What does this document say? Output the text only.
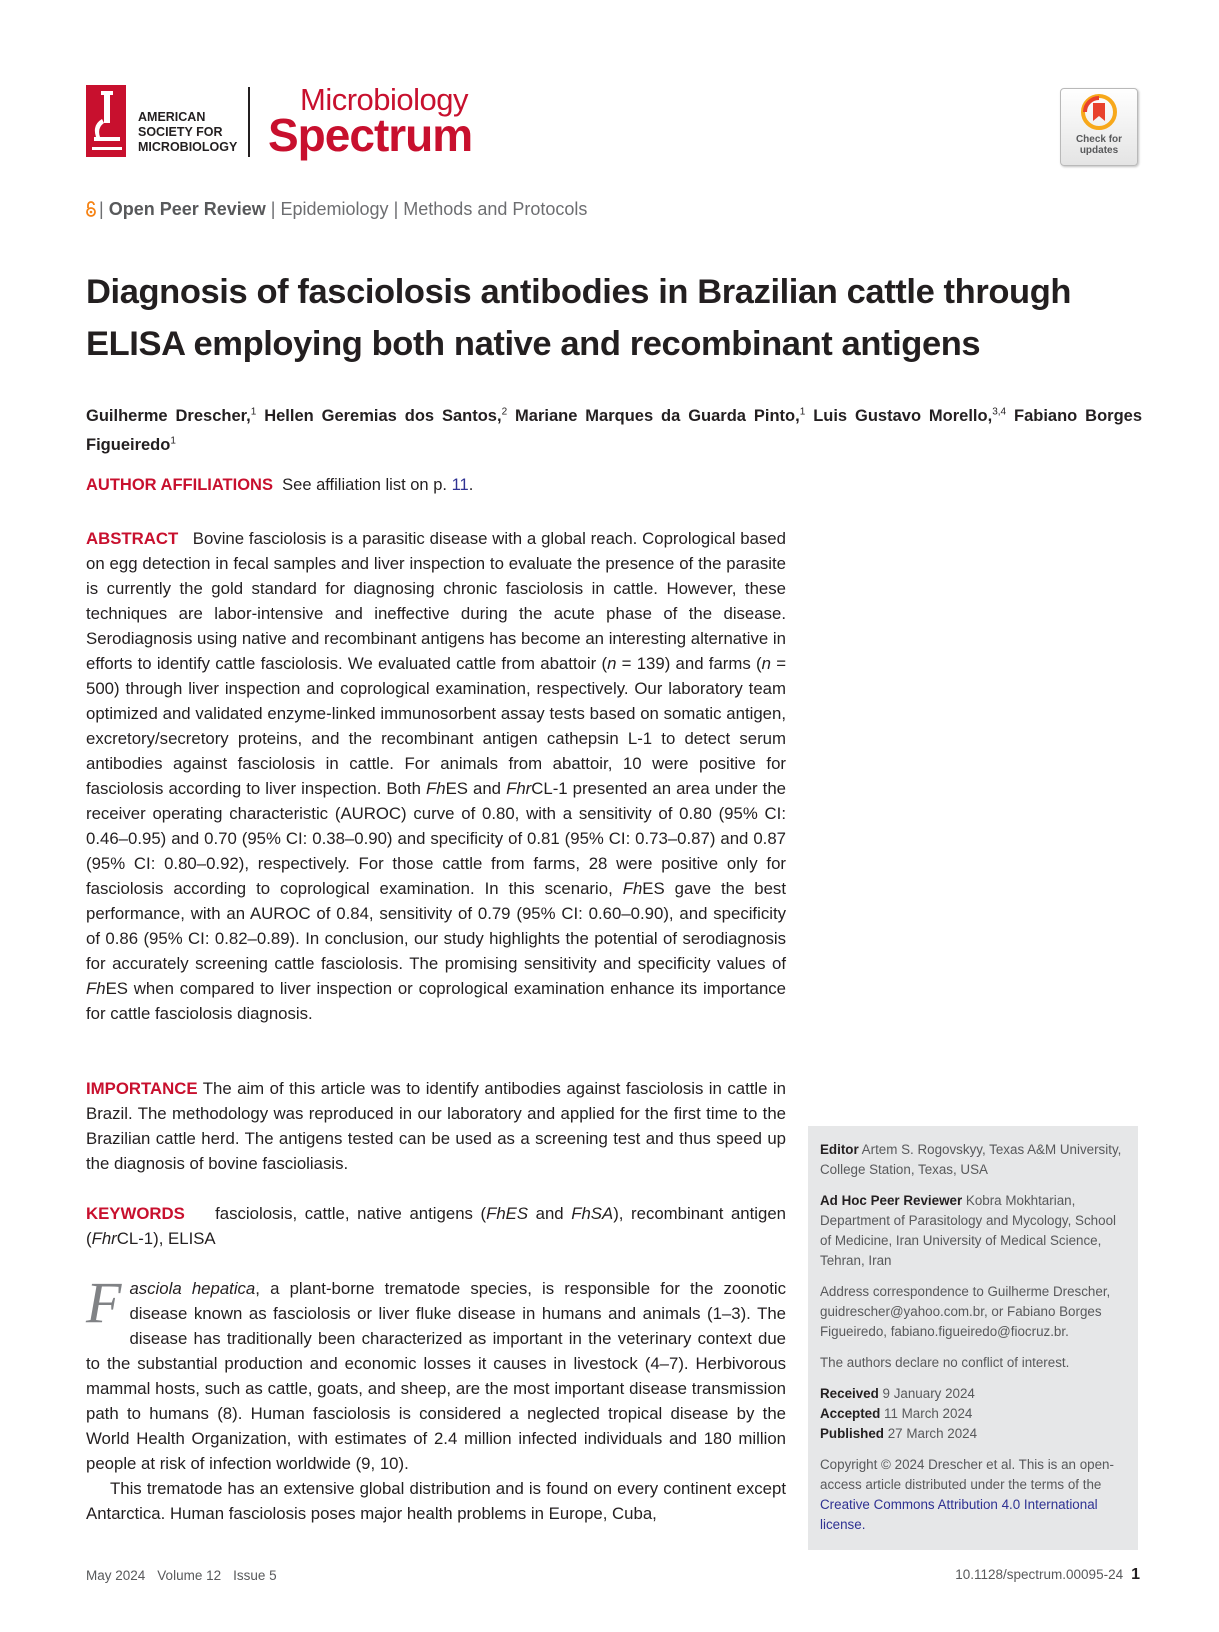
AMERICAN
SOCIETY FOR
MICROBIOLOGY
Microbiology
Spectrum	Check for
updates
| Open Peer Review | Epidemiology | Methods and Protocols
Diagnosis of fasciolosis antibodies in Brazilian cattle through
ELISA employing both native and recombinant antigens
Guilherme Drescher,$^1$ Hellen Geremias dos Santos,$^2$ Mariane Marques da Guarda Pinto,$^1$ Luis Gustavo Morello,$^{3,4}$ Fabiano Borges Figueiredo$^1$
AUTHOR AFFILIATIONS See affiliation list on p. 11.
ABSTRACT Bovine fasciolosis is a parasitic disease with a global reach. Coprological based on egg detection in fecal samples and liver inspection to evaluate the presence of the parasite is currently the gold standard for diagnosing chronic fasciolosis in cattle. However, these techniques are labor-intensive and ineffective during the acute phase of the disease. Serodiagnosis using native and recombinant antigens has become an interesting alternative in efforts to identify cattle fasciolosis. We evaluated cattle from abattoir (n = 139) and farms (n = 500) through liver inspection and coprological examination, respectively. Our laboratory team optimized and validated enzyme-linked immunosorbent assay tests based on somatic antigen, excretory/secretory proteins, and the recombinant antigen cathepsin L-1 to detect serum antibodies against fasciolosis in cattle. For animals from abattoir, 10 were positive for fasciolosis according to liver inspection. Both FhES and FhrCL-1 presented an area under the receiver operating characteristic (AUROC) curve of 0.80, with a sensitivity of 0.80 (95% CI: 0.46–0.95) and 0.70 (95% CI: 0.38–0.90) and specificity of 0.81 (95% CI: 0.73–0.87) and 0.87 (95% CI: 0.80–0.92), respectively. For those cattle from farms, 28 were positive only for fasciolosis according to coprological examination. In this scenario, FhES gave the best performance, with an AUROC of 0.84, sensitivity of 0.79 (95% CI: 0.60–0.90), and specificity of 0.86 (95% CI: 0.82–0.89). In conclusion, our study highlights the potential of serodiagnosis for accurately screening cattle fasciolosis. The promising sensitivity and specificity values of FhES when compared to liver inspection or coprological examination enhance its importance for cattle fasciolosis diagnosis.
IMPORTANCE The aim of this article was to identify antibodies against fasciolosis in cattle in Brazil. The methodology was reproduced in our laboratory and applied for the first time to the Brazilian cattle herd. The antigens tested can be used as a screening test and thus speed up the diagnosis of bovine fascioliasis.
KEYWORDS fasciolosis, cattle, native antigens (FhES and FhSA), recombinant antigen (FhrCL-1), ELISA

Fasciola hepatica, a plant-borne trematode species, is responsible for the zoonotic disease known as fasciolosis or liver fluke disease in humans and animals (1–3). The disease has traditionally been characterized as important in the veterinary context due to the substantial production and economic losses it causes in livestock (4–7). Herbivorous mammal hosts, such as cattle, goats, and sheep, are the most important disease transmission path to humans (8). Human fasciolosis is considered a neglected tropical disease by the World Health Organization, with estimates of 2.4 million infected individuals and 180 million people at risk of infection worldwide (9, 10).

This trematode has an extensive global distribution and is found on every continent except Antarctica. Human fasciolosis poses major health problems in Europe, Cuba,

Editor Artem S. Rogovskyy, Texas A&M University, College Station, Texas, USA

Ad Hoc Peer Reviewer Kobra Mokhtarian, Department of Parasitology and Mycology, School of Medicine, Iran University of Medical Science, Tehran, Iran

Address correspondence to Guilherme Drescher, guidrescher@yahoo.com.br, or Fabiano Borges Figueiredo, fabiano.figueiredo@fiocruz.br.

The authors declare no conflict of interest.

Received 9 January 2024
Accepted 11 March 2024
Published 27 March 2024

Copyright © 2024 Drescher et al. This is an open-access article distributed under the terms of the Creative Commons Attribution 4.0 International license.

May 2024 Volume 12 Issue 5	10.1128/spectrum.00095-24 1
